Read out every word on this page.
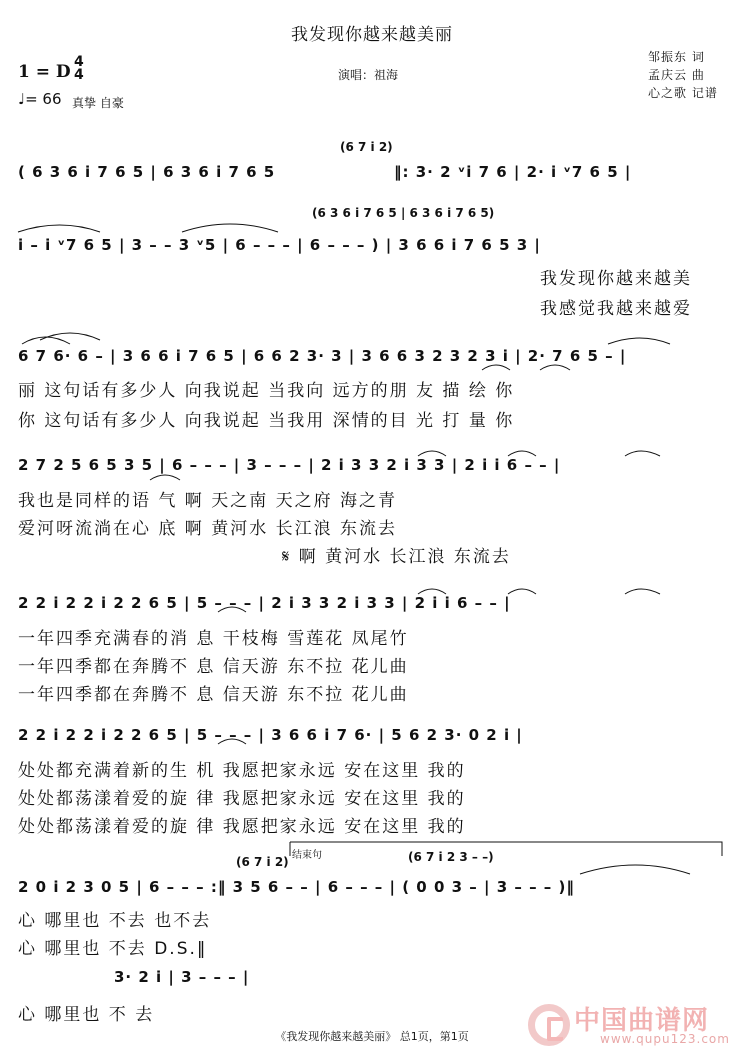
我发现你越来越美丽
1 = D 4
4
♩= 66 真挚 自豪
演唱：祖海
邹振东 词
孟庆云 曲
心之歌 记谱
(6 7 i 2)
(6 3 6 i 7 6 5 | 6 3 6 i 7 6 5)
(6 7 i 2)	(6 7 i 2 3 – –)
结束句
( 6 3 6 i 7 6 5 | 6 3 6 i 7 6 5	‖: 3· 2 ᵛi 7 6 | 2· i ᵛ7 6 5 |
i – i ᵛ7 6 5 | 3 – – 3 ᵛ5 | 6 – – – | 6 – – – ) | 3 6 6 i 7 6 5 3 |
我发现你越来越美
我感觉我越来越爱
6 7 6· 6 – | 3 6 6 i 7 6 5 | 6 6 2 3· 3 | 3 6 6 3 2 3 2 3 i | 2· 7 6 5 – |
丽 这句话有多少人 向我说起 当我向 远方的朋 友 描 绘 你
你 这句话有多少人 向我说起 当我用 深情的目 光 打 量 你
2 7 2 5 6 5 3 5 | 6 – – – | 3 – – – | 2 i 3 3 2 i 3 3 | 2 i i 6 – – |
我也是同样的语 气 啊 天之南 天之府 海之青
爱河呀流淌在心 底 啊 黄河水 长江浪 东流去
𝄋 啊 黄河水 长江浪 东流去
2 2 i 2 2 i 2 2 6 5 | 5 – – – | 2 i 3 3 2 i 3 3 | 2 i i 6 – – |
一年四季充满春的消 息 干枝梅 雪莲花 凤尾竹
一年四季都在奔腾不 息 信天游 东不拉 花儿曲
一年四季都在奔腾不 息 信天游 东不拉 花儿曲
2 2 i 2 2 i 2 2 6 5 | 5 – – – | 3 6 6 i 7 6· | 5 6 2 3· 0 2 i |
处处都充满着新的生 机 我愿把家永远 安在这里 我的
处处都荡漾着爱的旋 律 我愿把家永远 安在这里 我的
处处都荡漾着爱的旋 律 我愿把家永远 安在这里 我的
2 0 i 2 3 0 5 | 6 – – – :‖ 3 5 6 – – | 6 – – – | ( 0 0 3 – | 3 – – – )‖
心 哪里也 不去 也不去
心 哪里也 不去 D.S.‖
3· 2 i | 3 – – – |
心 哪里也 不 去
《我发现你越来越美丽》 总1页，第1页
中国曲谱网
www.qupu123.com
